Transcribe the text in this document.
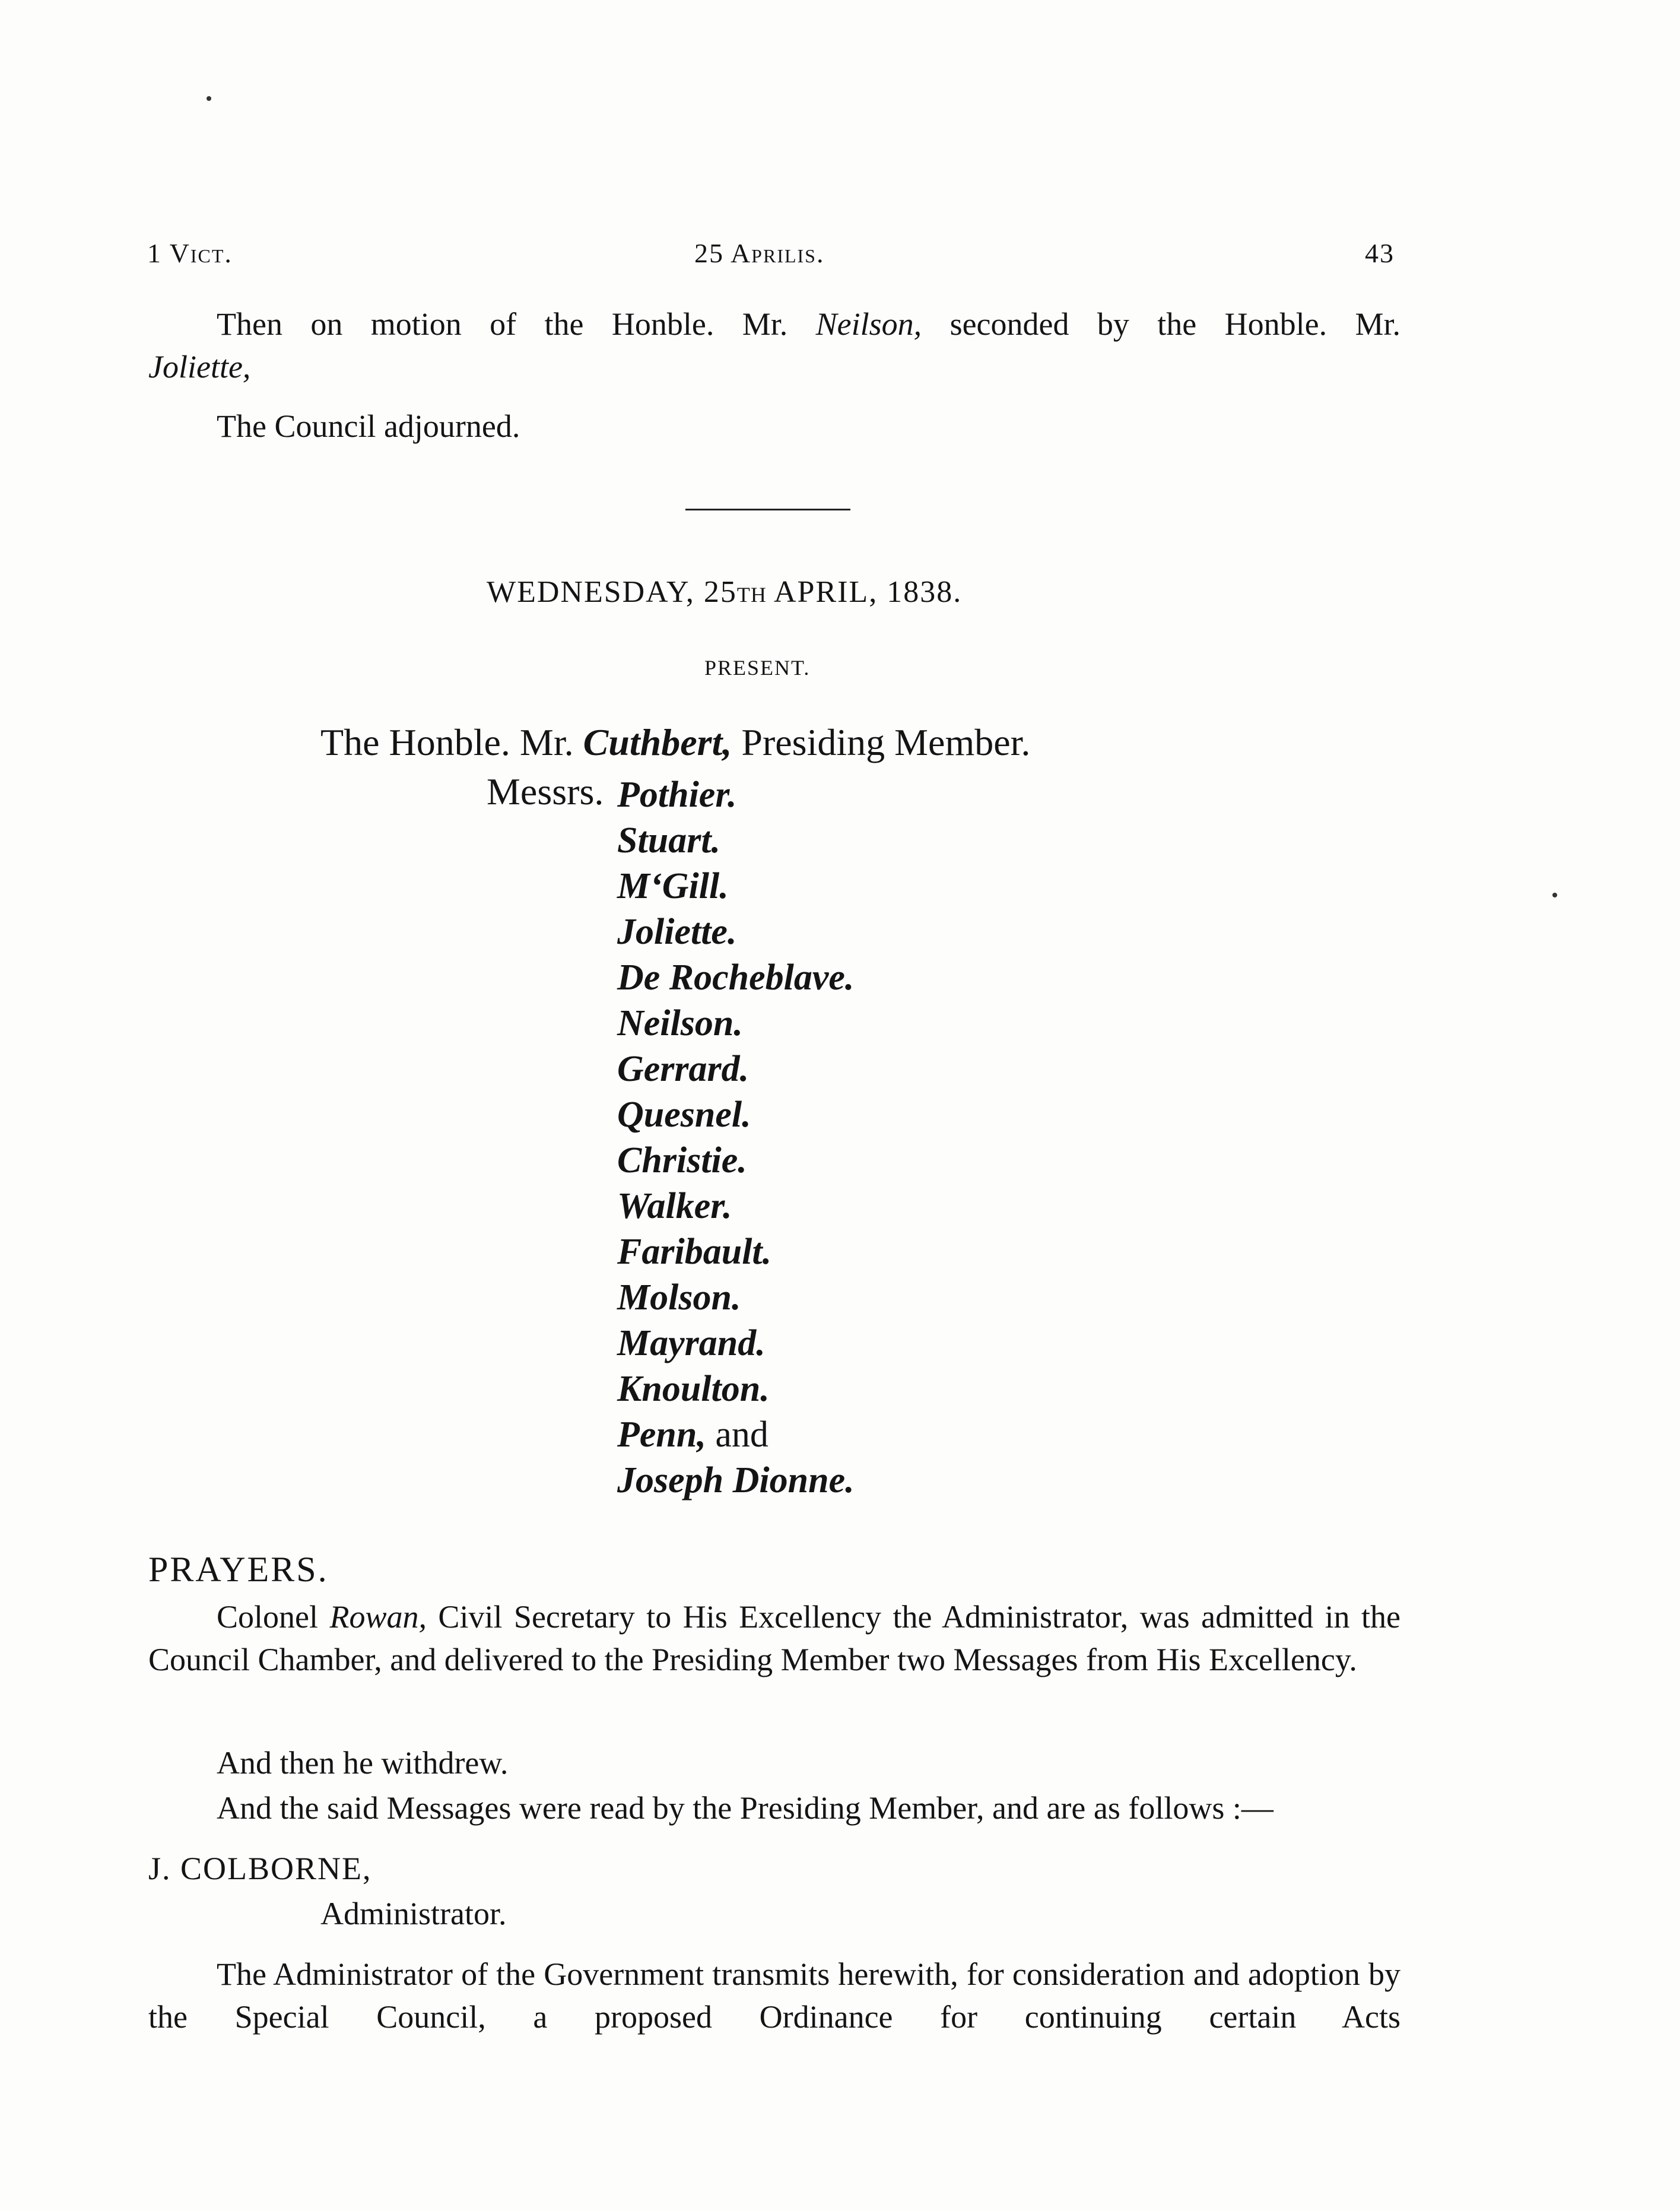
1 Vict.	25 Aprilis.	43
Then on motion of the Honble. Mr. Neilson, seconded by the Honble. Mr.
Joliette,
The Council adjourned.
WEDNESDAY, 25TH APRIL, 1838.
PRESENT.
The Honble. Mr. Cuthbert, Presiding Member.
Messrs. Pothier.
Stuart.
M‘Gill.
Joliette.
De Rocheblave.
Neilson.
Gerrard.
Quesnel.
Christie.
Walker.
Faribault.
Molson.
Mayrand.
Knoulton.
Penn, and
Joseph Dionne.
PRAYERS.
Colonel Rowan, Civil Secretary to His Excellency the Administrator, was admitted in the Council Chamber, and delivered to the Presiding Member two Messages from His Excellency.
And then he withdrew.
And the said Messages were read by the Presiding Member, and are as follows :—
J. COLBORNE,
Administrator.
The Administrator of the Government transmits herewith, for consideration and adoption by the Special Council, a proposed Ordinance for continuing certain Acts
